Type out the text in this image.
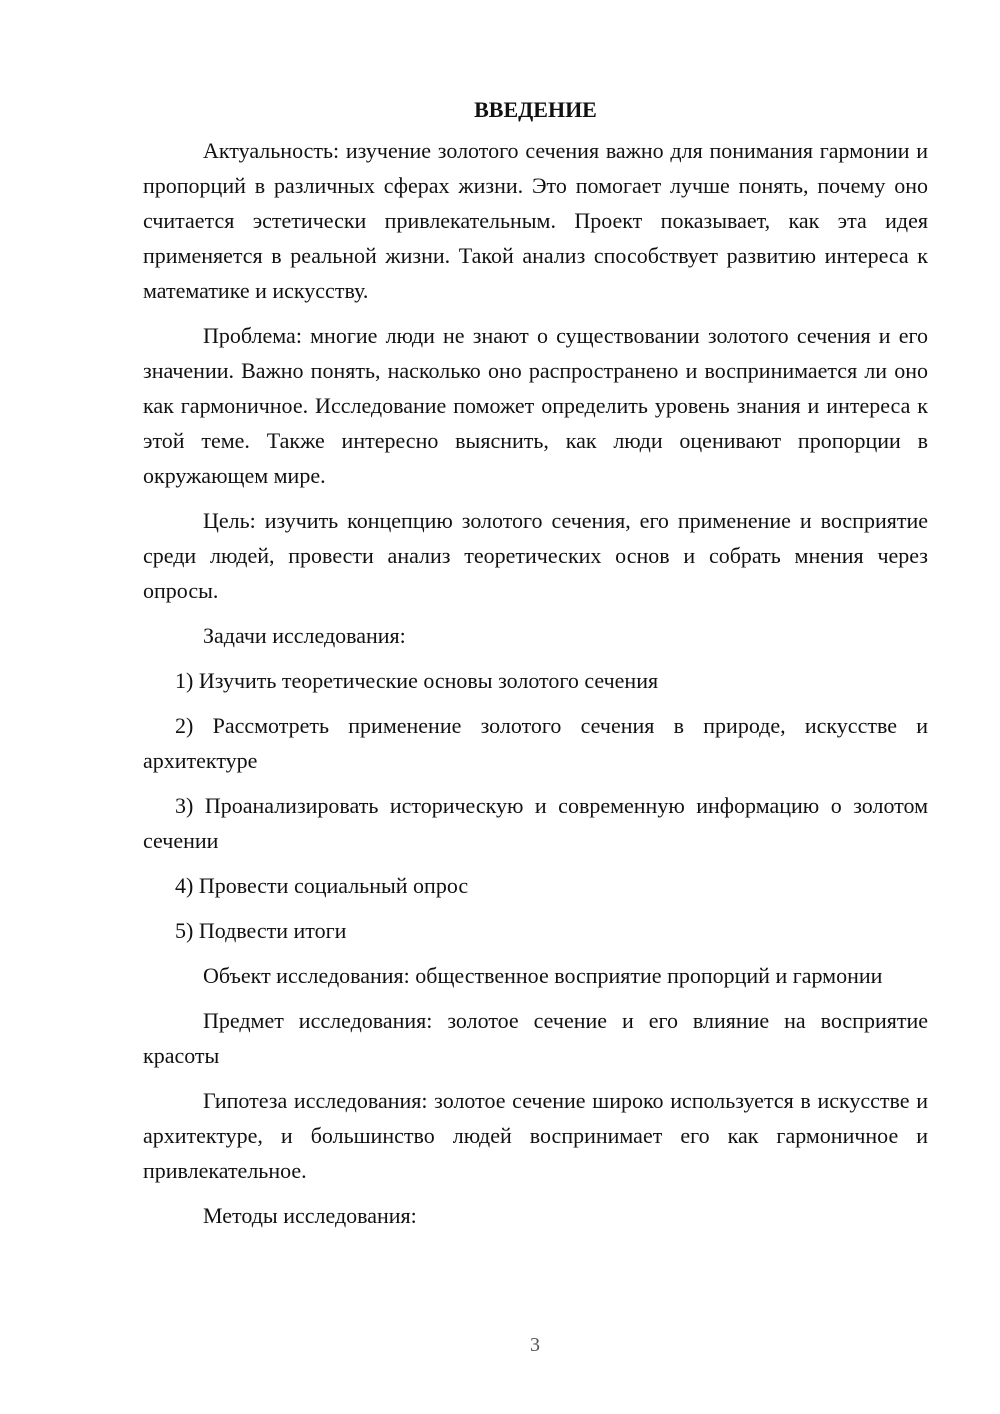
ВВЕДЕНИЕ

Актуальность: изучение золотого сечения важно для понимания гармонии и пропорций в различных сферах жизни. Это помогает лучше понять, почему оно считается эстетически привлекательным. Проект показывает, как эта идея применяется в реальной жизни. Такой анализ способствует развитию интереса к математике и искусству.

Проблема: многие люди не знают о существовании золотого сечения и его значении. Важно понять, насколько оно распространено и воспринимается ли оно как гармоничное. Исследование поможет определить уровень знания и интереса к этой теме. Также интересно выяснить, как люди оценивают пропорции в окружающем мире.

Цель: изучить концепцию золотого сечения, его применение и восприятие среди людей, провести анализ теоретических основ и собрать мнения через опросы.

Задачи исследования:

1) Изучить теоретические основы золотого сечения

2) Рассмотреть применение золотого сечения в природе, искусстве и архитектуре

3) Проанализировать историческую и современную информацию о золотом сечении

4) Провести социальный опрос

5) Подвести итоги

Объект исследования: общественное восприятие пропорций и гармонии

Предмет исследования: золотое сечение и его влияние на восприятие красоты

Гипотеза исследования: золотое сечение широко используется в искусстве и архитектуре, и большинство людей воспринимает его как гармоничное и привлекательное.

Методы исследования:

3
